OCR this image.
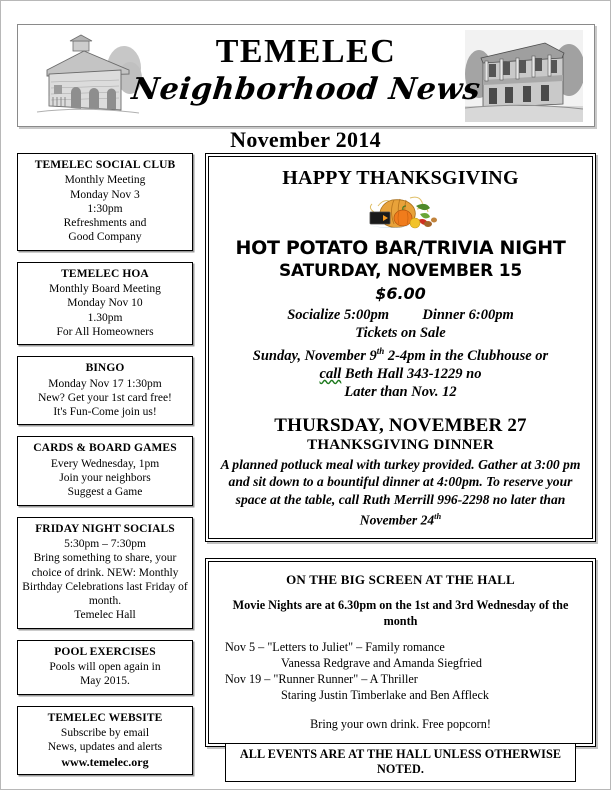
TEMELEC
Neighborhood News
November 2014
TEMELEC SOCIAL CLUB
Monthly Meeting
Monday Nov 3
1:30pm
Refreshments and
Good Company
TEMELEC HOA
Monthly Board Meeting
Monday Nov 10
1.30pm
For All Homeowners
BINGO
Monday Nov 17 1:30pm
New? Get your 1st card free!
It's Fun-Come join us!
CARDS & BOARD GAMES
Every Wednesday, 1pm
Join your neighbors
Suggest a Game
FRIDAY NIGHT SOCIALS
5:30pm – 7:30pm
Bring something to share, your choice of drink. NEW: Monthly Birthday Celebrations last Friday of month.
Temelec Hall
POOL EXERCISES
Pools will open again in
May 2015.
TEMELEC WEBSITE
Subscribe by email
News, updates and alerts
www.temelec.org
HAPPY THANKSGIVING
HOT POTATO BAR/TRIVIA NIGHT
SATURDAY, NOVEMBER 15
$6.00
Socialize 5:00pm Dinner 6:00pm
Tickets on Sale
Sunday, November 9th 2-4pm in the Clubhouse or
call Beth Hall 343-1229 no
Later than Nov. 12
THURSDAY, NOVEMBER 27
THANKSGIVING DINNER
A planned potluck meal with turkey provided. Gather at 3:00 pm and sit down to a bountiful dinner at 4:00pm. To reserve your space at the table, call Ruth Merrill 996-2298 no later than November 24th
ON THE BIG SCREEN AT THE HALL
Movie Nights are at 6.30pm on the 1st and 3rd Wednesday of the month
Nov 5 – "Letters to Juliet" – Family romance
Vanessa Redgrave and Amanda Siegfried
Nov 19 – "Runner Runner" – A Thriller
Staring Justin Timberlake and Ben Affleck
Bring your own drink. Free popcorn!
ALL EVENTS ARE AT THE HALL UNLESS OTHERWISE NOTED.
